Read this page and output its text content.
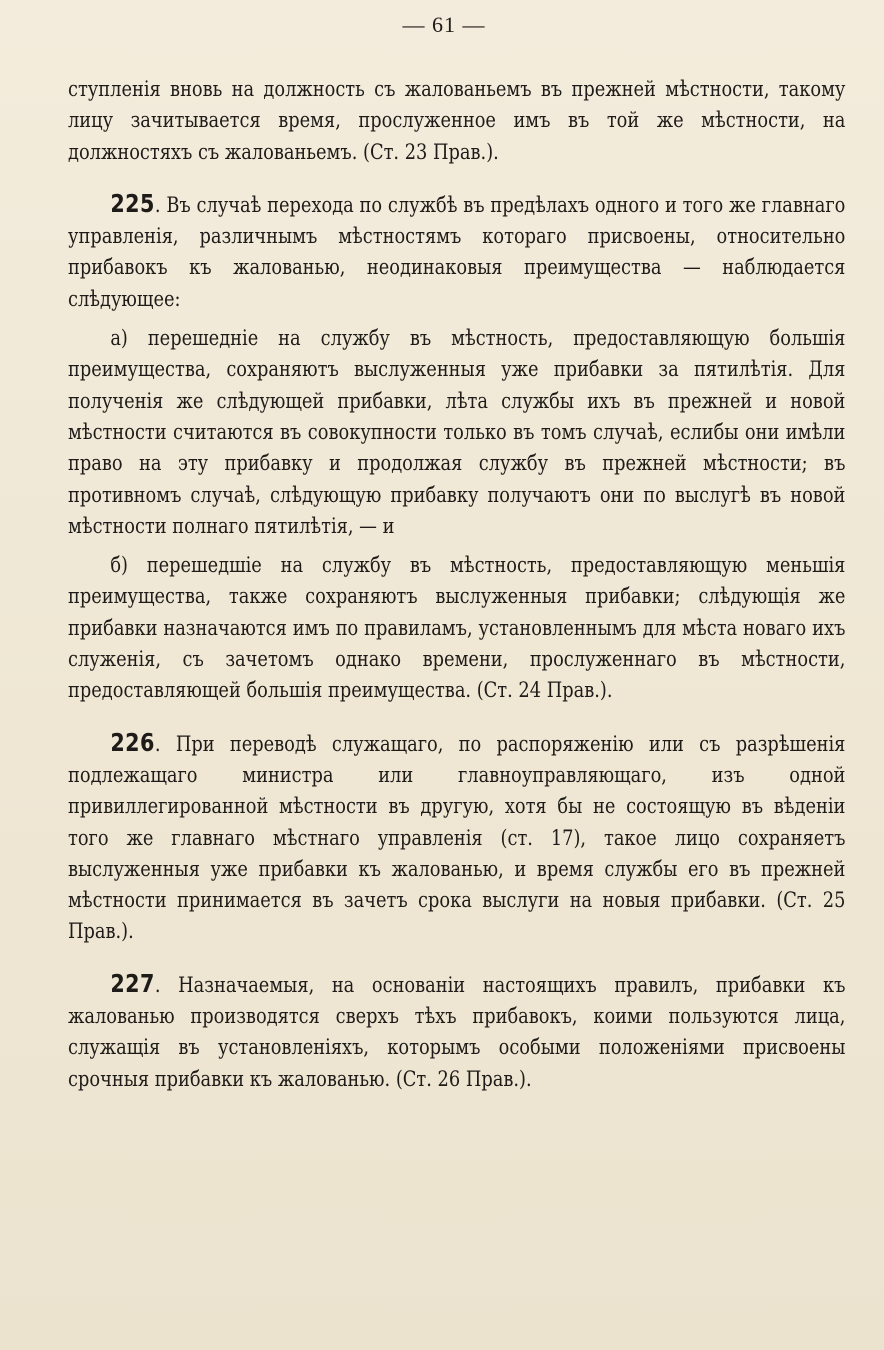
— 61 —

ступленія вновь на должность съ жалованьемъ въ прежней мѣстности, такому лицу зачитывается время, прослуженное имъ въ той же мѣстности, на должностяхъ съ жалованьемъ. (Ст. 23 Прав.).

225. Въ случаѣ перехода по службѣ въ предѣлахъ одного и того же главнаго управленія, различнымъ мѣстностямъ котораго присвоены, относительно прибавокъ къ жалованью, неодинаковыя преимущества — наблюдается слѣдующее:

а) перешедніе на службу въ мѣстность, предоставляющую большія преимущества, сохраняютъ выслуженныя уже прибавки за пятилѣтія. Для полученія же слѣдующей прибавки, лѣта службы ихъ въ прежней и новой мѣстности считаются въ совокупности только въ томъ случаѣ, еслибы они имѣли право на эту прибавку и продолжая службу въ прежней мѣстности; въ противномъ случаѣ, слѣдующую прибавку получаютъ они по выслугѣ въ новой мѣстности полнаго пятилѣтія, — и

б) перешедшіе на службу въ мѣстность, предоставляющую меньшія преимущества, также сохраняютъ выслуженныя прибавки; слѣдующія же прибавки назначаются имъ по правиламъ, установленнымъ для мѣста новаго ихъ служенія, съ зачетомъ однако времени, прослуженнаго въ мѣстности, предоставляющей большія преимущества. (Ст. 24 Прав.).

226. При переводѣ служащаго, по распоряженію или съ разрѣшенія подлежащаго министра или главноуправляющаго, изъ одной привиллегированной мѣстности въ другую, хотя бы не состоящую въ вѣденіи того же главнаго мѣстнаго управленія (ст. 17), такое лицо сохраняетъ выслуженныя уже прибавки къ жалованью, и время службы его въ прежней мѣстности принимается въ зачетъ срока выслуги на новыя прибавки. (Ст. 25 Прав.).

227. Назначаемыя, на основаніи настоящихъ правилъ, прибавки къ жалованью производятся сверхъ тѣхъ прибавокъ, коими пользуются лица, служащія въ установленіяхъ, которымъ особыми положеніями присвоены срочныя прибавки къ жалованью. (Ст. 26 Прав.).
